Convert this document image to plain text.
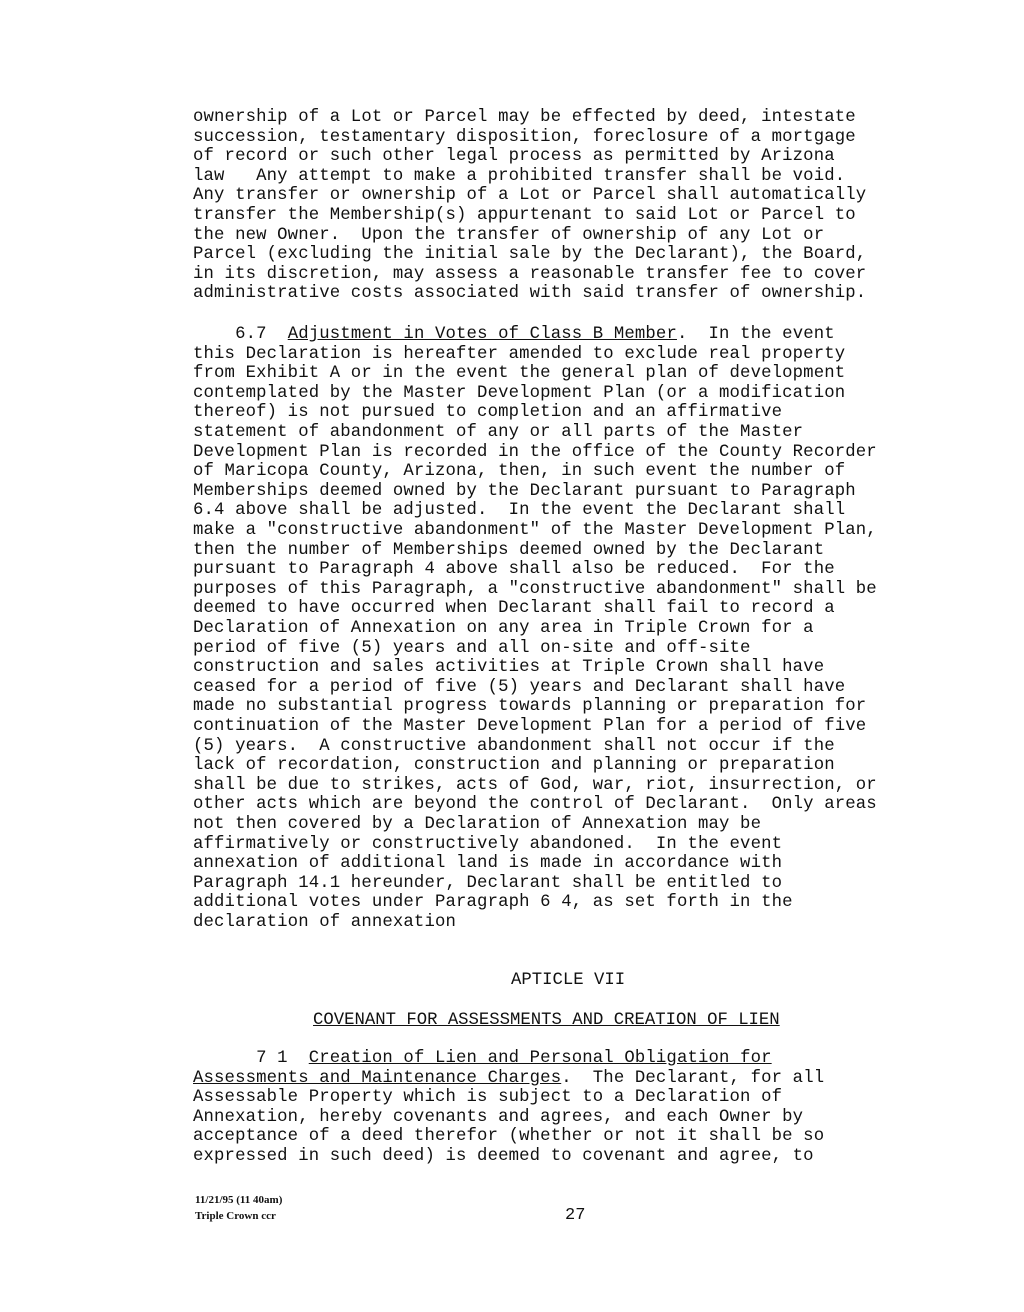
ownership of a Lot or Parcel may be effected by deed, intestate

succession, testamentary disposition, foreclosure of a mortgage

of record or such other legal process as permitted by Arizona

law   Any attempt to make a prohibited transfer shall be void.

Any transfer or ownership of a Lot or Parcel shall automatically

transfer the Membership(s) appurtenant to said Lot or Parcel to

the new Owner.  Upon the transfer of ownership of any Lot or

Parcel (excluding the initial sale by the Declarant), the Board,

in its discretion, may assess a reasonable transfer fee to cover

administrative costs associated with said transfer of ownership.

6.7 Adjustment in Votes of Class B Member.  In the event

this Declaration is hereafter amended to exclude real property

from Exhibit A or in the event the general plan of development

contemplated by the Master Development Plan (or a modification

thereof) is not pursued to completion and an affirmative

statement of abandonment of any or all parts of the Master

Development Plan is recorded in the office of the County Recorder

of Maricopa County, Arizona, then, in such event the number of

Memberships deemed owned by the Declarant pursuant to Paragraph

6.4 above shall be adjusted.  In the event the Declarant shall

make a "constructive abandonment" of the Master Development Plan,

then the number of Memberships deemed owned by the Declarant

pursuant to Paragraph 4 above shall also be reduced.  For the

purposes of this Paragraph, a "constructive abandonment" shall be

deemed to have occurred when Declarant shall fail to record a

Declaration of Annexation on any area in Triple Crown for a

period of five (5) years and all on-site and off-site

construction and sales activities at Triple Crown shall have

ceased for a period of five (5) years and Declarant shall have

made no substantial progress towards planning or preparation for

continuation of the Master Development Plan for a period of five

(5) years.  A constructive abandonment shall not occur if the

lack of recordation, construction and planning or preparation

shall be due to strikes, acts of God, war, riot, insurrection, or

other acts which are beyond the control of Declarant.  Only areas

not then covered by a Declaration of Annexation may be

affirmatively or constructively abandoned.  In the event

annexation of additional land is made in accordance with

Paragraph 14.1 hereunder, Declarant shall be entitled to

additional votes under Paragraph 6 4, as set forth in the

declaration of annexation

APTICLE VII

COVENANT FOR ASSESSMENTS AND CREATION OF LIEN

7 1 Creation of Lien and Personal Obligation for

Assessments and Maintenance Charges.  The Declarant, for all

Assessable Property which is subject to a Declaration of

Annexation, hereby covenants and agrees, and each Owner by

acceptance of a deed therefor (whether or not it shall be so

expressed in such deed) is deemed to covenant and agree, to

11/21/95 (11 40am)

Triple Crown ccr	27
